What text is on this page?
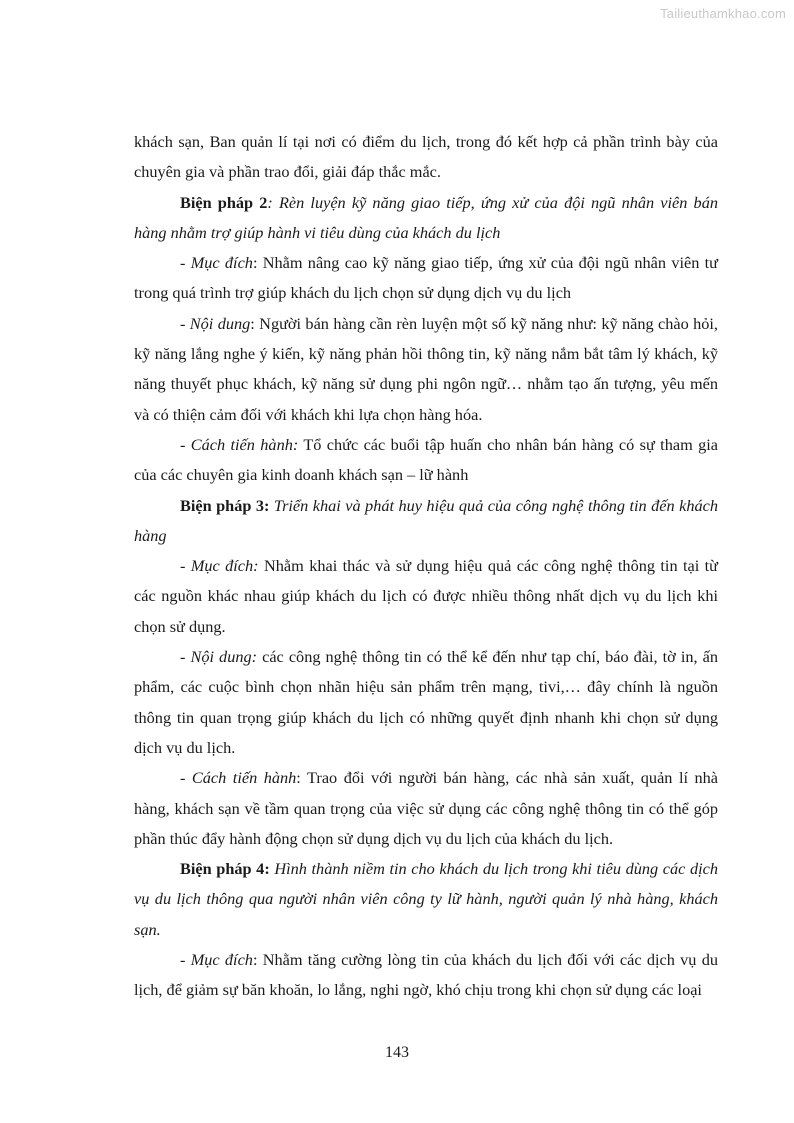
Tailieuthamkhao.com

khách sạn, Ban quản lí tại nơi có điểm du lịch, trong đó kết hợp cả phần trình bày của chuyên gia và phần trao đổi, giải đáp thắc mắc.

Biện pháp 2: Rèn luyện kỹ năng giao tiếp, ứng xử của đội ngũ nhân viên bán hàng nhằm trợ giúp hành vi tiêu dùng của khách du lịch

- Mục đích: Nhằm nâng cao kỹ năng giao tiếp, ứng xử của đội ngũ nhân viên tư trong quá trình trợ giúp khách du lịch chọn sử dụng dịch vụ du lịch

- Nội dung: Người bán hàng cần rèn luyện một số kỹ năng như: kỹ năng chào hỏi, kỹ năng lắng nghe ý kiến, kỹ năng phản hồi thông tin, kỹ năng nắm bắt tâm lý khách, kỹ năng thuyết phục khách, kỹ năng sử dụng phi ngôn ngữ… nhằm tạo ấn tượng, yêu mến và có thiện cảm đối với khách khi lựa chọn hàng hóa.

- Cách tiến hành: Tổ chức các buổi tập huấn cho nhân bán hàng có sự tham gia của các chuyên gia kinh doanh khách sạn – lữ hành

Biện pháp 3: Triển khai và phát huy hiệu quả của công nghệ thông tin đến khách hàng

- Mục đích: Nhằm khai thác và sử dụng hiệu quả các công nghệ thông tin tại từ các nguồn khác nhau giúp khách du lịch có được nhiều thông nhất dịch vụ du lịch khi chọn sử dụng.

- Nội dung: các công nghệ thông tin có thể kể đến như tạp chí, báo đài, tờ in, ấn phẩm, các cuộc bình chọn nhãn hiệu sản phẩm trên mạng, tivi,… đây chính là nguồn thông tin quan trọng giúp khách du lịch có những quyết định nhanh khi chọn sử dụng dịch vụ du lịch.

- Cách tiến hành: Trao đổi với người bán hàng, các nhà sản xuất, quản lí nhà hàng, khách sạn về tầm quan trọng của việc sử dụng các công nghệ thông tin có thể góp phần thúc đẩy hành động chọn sử dụng dịch vụ du lịch của khách du lịch.

Biện pháp 4: Hình thành niềm tin cho khách du lịch trong khi tiêu dùng các dịch vụ du lịch thông qua người nhân viên công ty lữ hành, người quản lý nhà hàng, khách sạn.

- Mục đích: Nhằm tăng cường lòng tin của khách du lịch đối với các dịch vụ du lịch, để giảm sự băn khoăn, lo lắng, nghi ngờ, khó chịu trong khi chọn sử dụng các loại

143
